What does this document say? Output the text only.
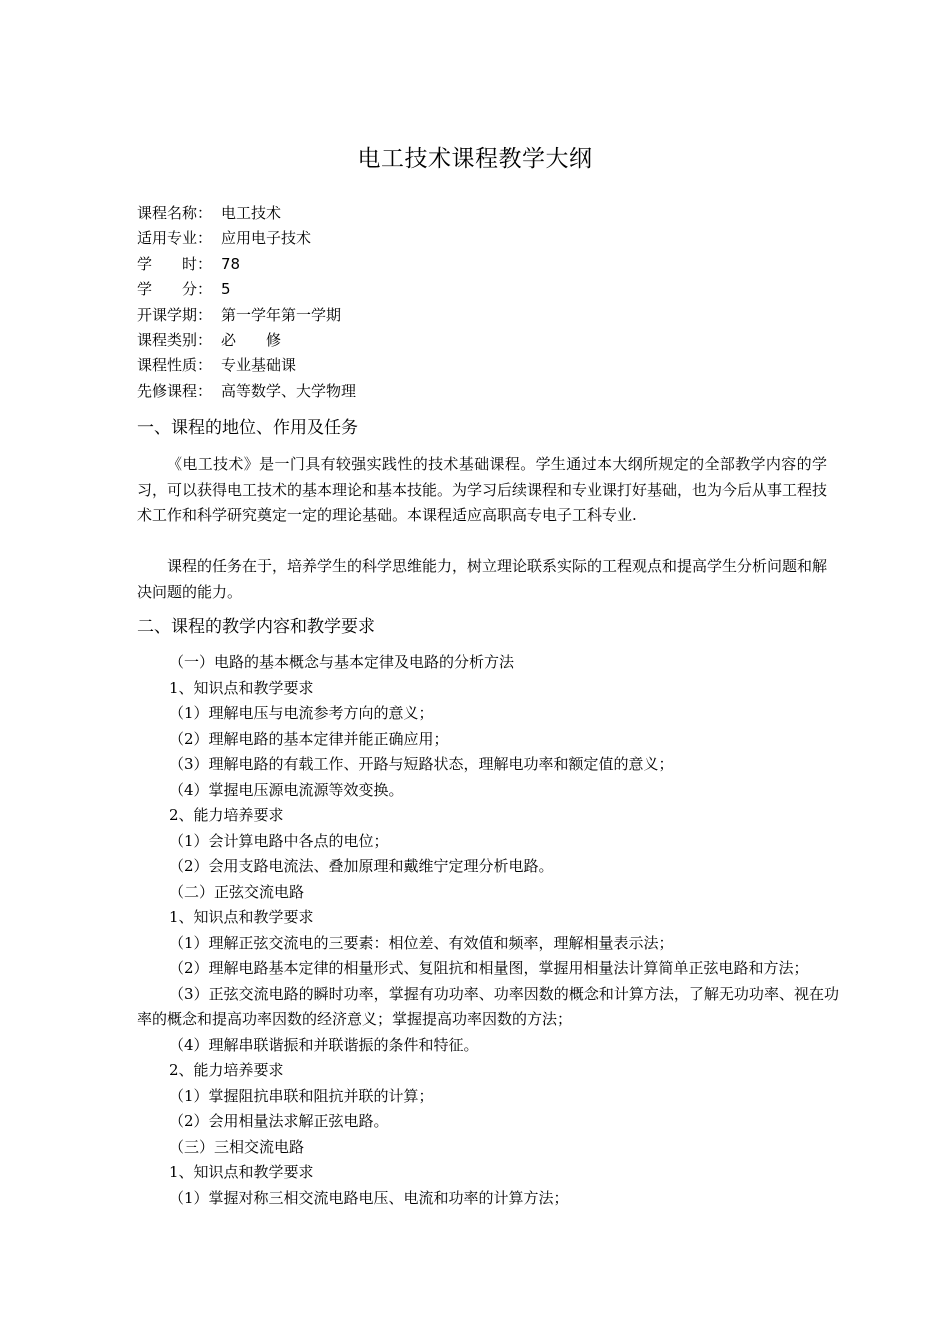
电工技术课程教学大纲
课程名称： 电工技术
适用专业： 应用电子技术
学　　时： 78
学　　分： 5
开课学期： 第一学年第一学期
课程类别： 必　　修
课程性质： 专业基础课
先修课程： 高等数学、大学物理
一、课程的地位、作用及任务
《电工技术》是一门具有较强实践性的技术基础课程。学生通过本大纲所规定的全部教学内容的学习，可以获得电工技术的基本理论和基本技能。为学习后续课程和专业课打好基础，也为今后从事工程技术工作和科学研究奠定一定的理论基础。本课程适应高职高专电子工科专业.
课程的任务在于，培养学生的科学思维能力，树立理论联系实际的工程观点和提高学生分析问题和解决问题的能力。
二、课程的教学内容和教学要求
（一）电路的基本概念与基本定律及电路的分析方法
1、知识点和教学要求
（1）理解电压与电流参考方向的意义；
（2）理解电路的基本定律并能正确应用；
（3）理解电路的有载工作、开路与短路状态，理解电功率和额定值的意义；
（4）掌握电压源电流源等效变换。
2、能力培养要求
（1）会计算电路中各点的电位；
（2）会用支路电流法、叠加原理和戴维宁定理分析电路。
（二）正弦交流电路
1、知识点和教学要求
（1）理解正弦交流电的三要素：相位差、有效值和频率，理解相量表示法；
（2）理解电路基本定律的相量形式、复阻抗和相量图，掌握用相量法计算简单正弦电路和方法；
（3）正弦交流电路的瞬时功率，掌握有功功率、功率因数的概念和计算方法，了解无功功率、视在功率的概念和提高功率因数的经济意义；掌握提高功率因数的方法；
（4）理解串联谐振和并联谐振的条件和特征。
2、能力培养要求
（1）掌握阻抗串联和阻抗并联的计算；
（2）会用相量法求解正弦电路。
（三）三相交流电路
1、知识点和教学要求
（1）掌握对称三相交流电路电压、电流和功率的计算方法；
